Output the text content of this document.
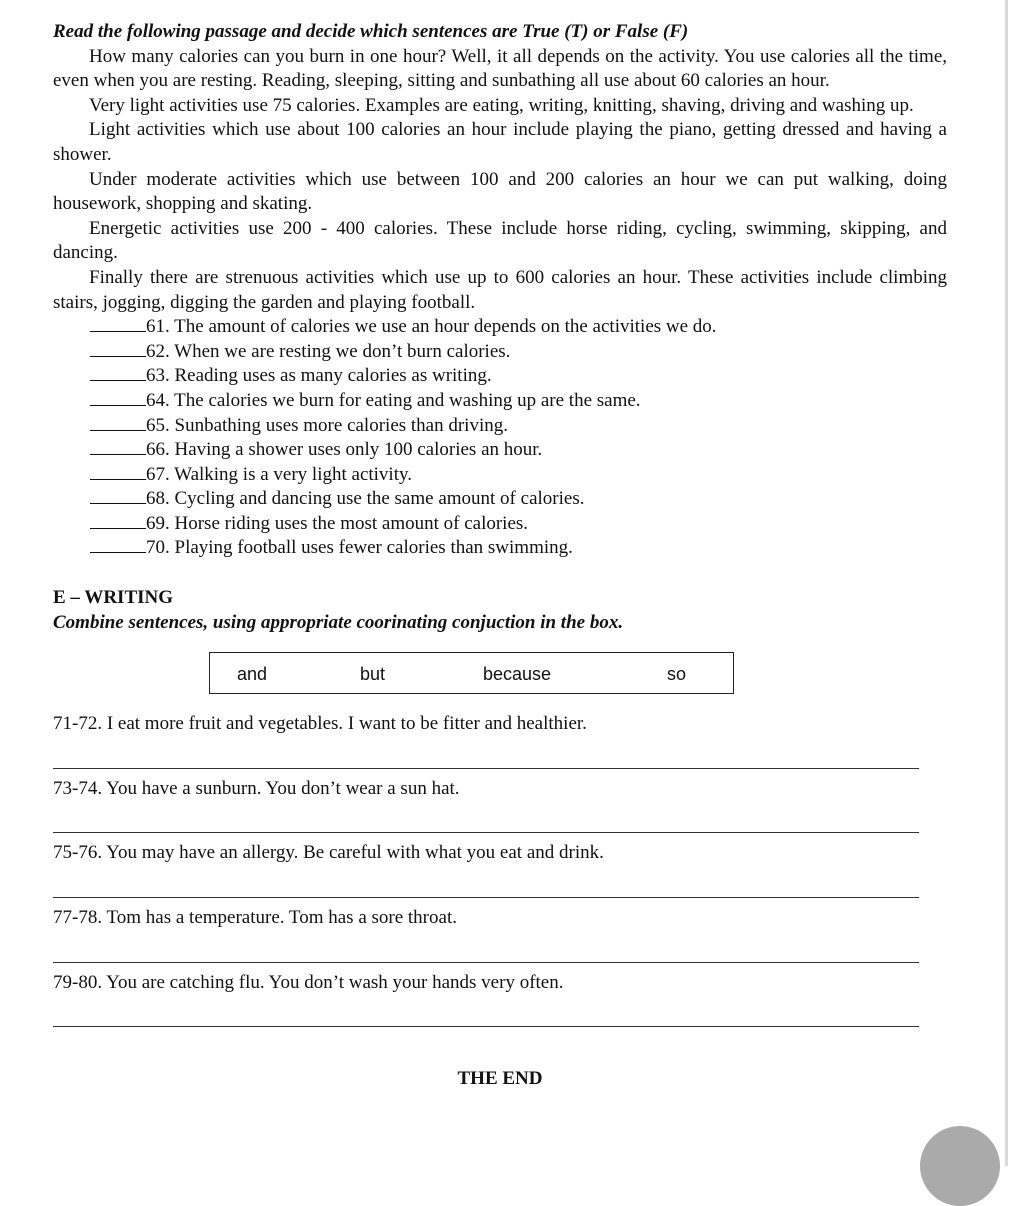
Read the following passage and decide which sentences are True (T) or False (F)

How many calories can you burn in one hour? Well, it all depends on the activity. You use calories all the time, even when you are resting. Reading, sleeping, sitting and sunbathing all use about 60 calories an hour.

Very light activities use 75 calories. Examples are eating, writing, knitting, shaving, driving and washing up.

Light activities which use about 100 calories an hour include playing the piano, getting dressed and having a shower.

Under moderate activities which use between 100 and 200 calories an hour we can put walking, doing housework, shopping and skating.

Energetic activities use 200 - 400 calories. These include horse riding, cycling, swimming, skipping, and dancing.

Finally there are strenuous activities which use up to 600 calories an hour. These activities include climbing stairs, jogging, digging the garden and playing football.

61. The amount of calories we use an hour depends on the activities we do.
62. When we are resting we don’t burn calories.
63. Reading uses as many calories as writing.
64. The calories we burn for eating and washing up are the same.
65. Sunbathing uses more calories than driving.
66. Having a shower uses only 100 calories an hour.
67. Walking is a very light activity.
68. Cycling and dancing use the same amount of calories.
69. Horse riding uses the most amount of calories.
70. Playing football uses fewer calories than swimming.

E – WRITING

Combine sentences, using appropriate coorinating conjuction in the box.

and	but	because	so

71-72. I eat more fruit and vegetables. I want to be fitter and healthier.

73-74. You have a sunburn. You don’t wear a sun hat.

75-76. You may have an allergy. Be careful with what you eat and drink.

77-78. Tom has a temperature. Tom has a sore throat.

79-80. You are catching flu. You don’t wash your hands very often.

THE END
